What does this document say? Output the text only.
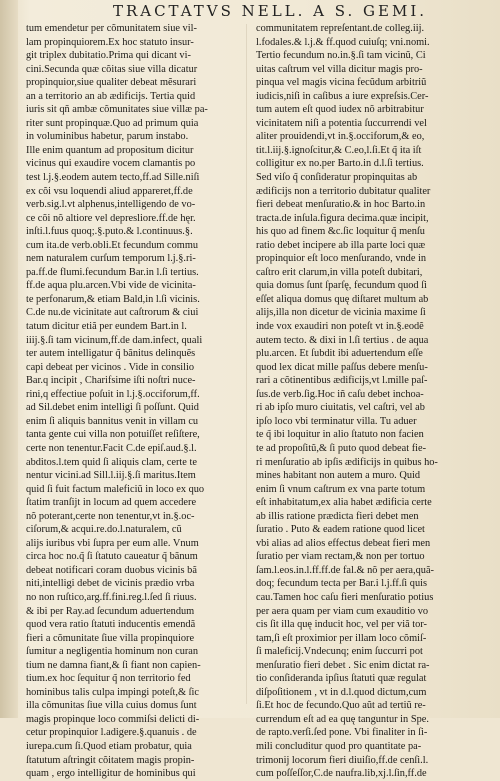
TRACTATVS NELL. A S. GEMI.
tum emendetur per cõmunitatem siue vil-
lam propinquiorem.Ex hoc statuto insur-
git triplex dubitatio.Prima qui dicant vi-
cini.Secunda quæ cõitas siue villa dicatur
propinquior,siue qualiter debeat mẽsurari
an a territorio an ab ædificijs. Tertia quid
iuris sit qñ ambæ cõmunitates siue villæ pa-
riter sunt propinquæ.Quo ad primum quia
in voluminibus habetur, parum instabo.
Ille enim quantum ad propositum dicitur
vicinus qui exaudire vocem clamantis po
test l.j.§.eodem autem tecto,ff.ad Sille.niſi
ex cõi vsu loquendi aliud appareret,ff.de
verb.sig.l.vt alphenus,intelligendo de vo-
ce cõi nõ altiore vel depresliore.ff.de hęr.
inſti.l.fuus quoq;.§.puto.& l.continuus.§.
cum ita.de verb.obli.Et fecundum commu
nem naturalem curſum temporum l.j.§.ri-
pa.ff.de flumi.fecundum Bar.in l.ſi tertius.
ff.de aqua plu.arcen.Vbi vide de vicinita-
te perfonarum,& etiam Bald,in l.ſi vicinis.
C.de nu.de vicinitate aut caſtrorum & ciui
tatum dicitur etiã per eundem Bart.in l.
iiij.§.ſi tam vicinum,ff.de dam.infect, quali
ter autem intelligatur q̃ bãnitus delinquẽs
capi debeat per vicinos . Vide in consilio
Bar.q incipit , Charifsime iſti noſtri nuce-
rini,q effectiue poſuit in l.j.§.occiforum,ff.
ad Sil.debet enim intelligi ſi poſſunt. Quid
enim ſi aliquis bannitus venit in villam cu
tanta gente cui villa non potuiſſet reſiſtere,
certe non tenentur.Facit C.de epiſ.aud.§.l.
abditos.l.tem quid ſi aliquis clam, certe te
nentur vicini.ad Sill.l.iij.§.ſi maritus.Item
quid ſi fuit factum maleficiũ in loco ex quo
ſtatim tranſijt in locum ad quem accedere
nõ poterant,certe non tenentur,vt in.§.oc-
ciſorum,& acqui.re.do.l.naturalem, cũ
alijs iuribus vbi ſupra per eum alle. Vnum
circa hoc no.q̃ ſi ſtatuto caueatur q̃ bãnum
debeat notificari coram duobus vicinis bã
niti,intelligi debet de vicinis prædio vrba
no non ruſtico,arg.ff.fini.reg.l.ſed ſi riuus.
& ibi per Ray.ad ſecundum aduertendum
quod vera ratio ſtatuti inducentis emendã
fieri a cõmunitate ſiue villa propinquiore
ſumitur a negligentia hominum non curan
tium ne damna fiant,& ſi fiant non capien-
tium.ex hoc ſequitur q̃ non territorio fed
hominibus talis culpa impingi poteſt,& ſic
illa cõmunitas ſiue villa cuius domus ſunt
magis propinque loco commiſsi delicti di-
cetur propinquior l.adigere.§.quanuis . de
iurepa.cum ſi.Quod etiam probatur, quia
ſtatutum aſtringit cõitatem magis propin-
quam , ergo intelligitur de hominibus qui
communitatem repreſentant.de colleg.iij.
l.fodales.& l.j.& ff.quod cuiuſq; vni.nomi.
Tertio fecundum no.in.§.ſi tam vicinũ, Ci
uitas caſtrum vel villa dicitur magis pro-
pinqua vel magis vicina fecũdum arbitriũ
iudicis,niſi in caſibus a iure expreſsis.Cer-
tum autem eſt quod iudex nõ arbitrabitur
vicinitatem niſi a potentia ſuccurrendi vel
aliter prouidendi,vt in.§.occiforum,& eo,
tit.l.iij.§.ignoſcitur,& C.eo,l.ſi.Et q̃ ita iſt
colligitur ex no.per Barto.in d.l.ſi tertius.
Sed viſo q̃ conſideratur propinquitas ab
ædificijs non a territorio dubitatur qualiter
fieri debeat menſuratio.& in hoc Barto.in
tracta.de inſula.figura decima.quæ incipit,
his quo ad finem &c.ſic loquitur q̃ menſu
ratio debet incipere ab illa parte loci quæ
propinquior eſt loco menſurando, vnde in
caſtro erit clarum,in villa poteſt dubitari,
quia domus ſunt ſparſę, fecundum quod ſi
eſſet aliqua domus quę diſtaret multum ab
alijs,illa non dicetur de vicinia maxime ſi
inde vox exaudiri non poteſt vt in.§.eodẽ
autem tecto. & dixi in l.ſi tertius . de aqua
plu.arcen. Et ſubdit ibi aduertendum eſſe
quod lex dicat mille paſſus debere menſu-
rari a cõtinentibus ædificijs,vt l.mille paſ-
ſus.de verb.ſig.Hoc iñ caſu debet inchoa-
ri ab ipſo muro ciuitatis, vel caſtri, vel ab
ipſo loco vbi terminatur villa. Tu aduer
te q̃ ibi loquitur in alio ſtatuto non facien
te ad propoſitũ,& ſi puto quod debeat fie-
ri menſuratio ab ipſis ædificijs in quibus ho-
mines habitant non autem a muro. Quid
enim ſi vnum caſtrum ex vna parte totum
eſt inhabitatum,ex alia habet ædificia certe
ab illis ratione prædicta fieri debet men
ſuratio . Puto & eadem ratione quod licet
vbi alias ad alios effectus debeat fieri men
ſuratio per viam rectam,& non per tortuo
ſam.l.eos.in.l.ff.ff.de fal.& nõ per aera,quã-
doq; fecundum tecta per Bar.i l.j.ff.ſi quis
cau.Tamen hoc caſu fieri menſuratio potius
per aera quam per viam cum exauditio vo
cis ſit illa quę inducit hoc, vel per viã tor-
tam,ſi eſt proximior per illam loco cõmiſ-
ſi maleficij.Vndecunq; enim ſuccurri pot
menſuratio fieri debet . Sic enim dictat ra-
tio conſideranda ipſius ſtatuti quæ regulat
diſpoſitionem , vt in d.l.quod dictum,cum
ſi.Et hoc de fecundo.Quo aũt ad tertiũ re-
currendum eſt ad ea quę tanguntur in Spe.
de rapto.verſi.ſed pone. Vbi finaliter in ſi-
mili concluditur quod pro quantitate pa-
trimonij locorum fieri diuiſio,ff.de cenſi.l.
cum poſſeſſor,C.de naufra.lib,xj.l.ſin,ff.de
